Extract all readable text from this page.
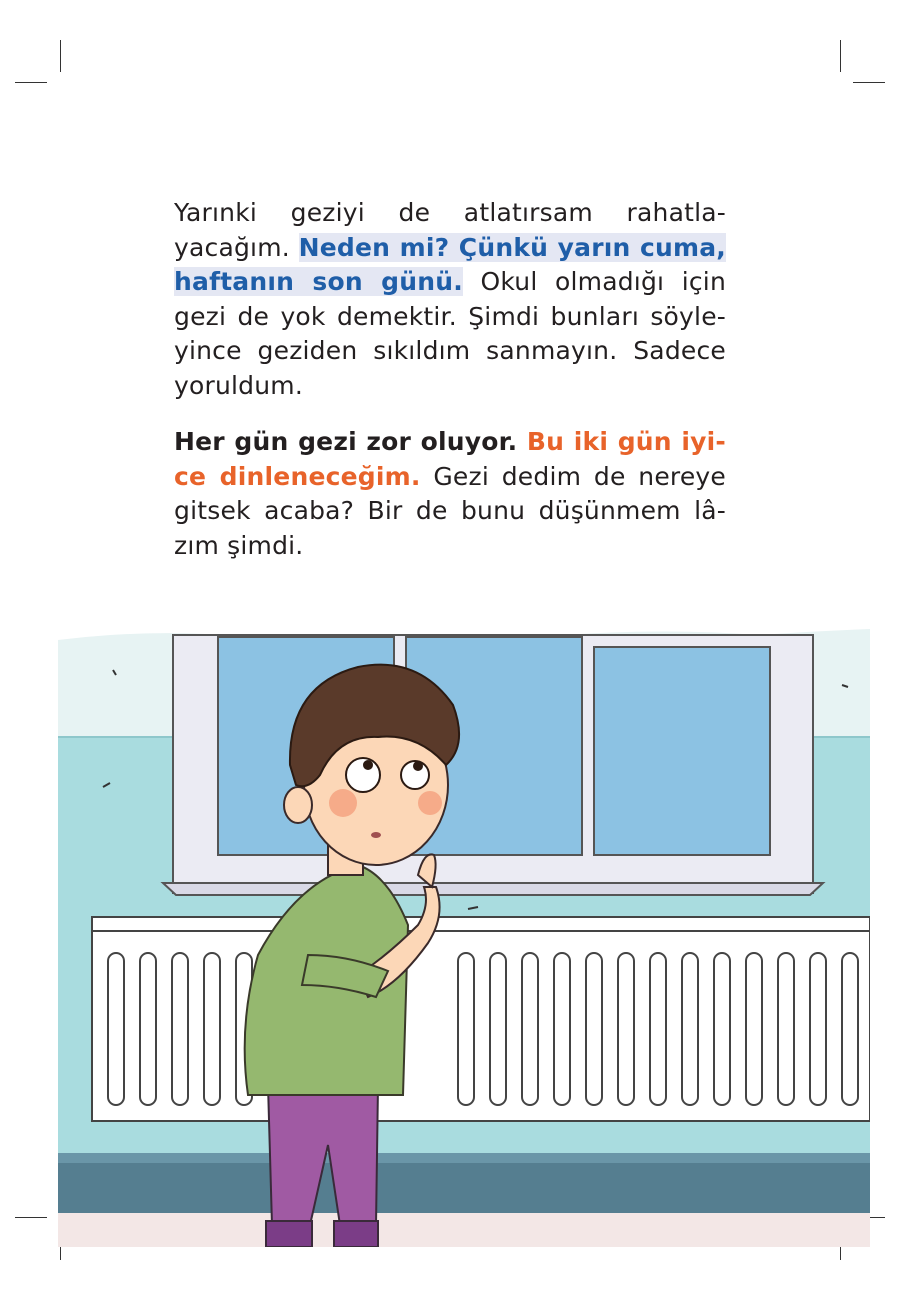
Yarınki geziyi de atlatırsam rahatla-yacağım. Neden mi? Çünkü yarın cuma, haftanın son günü. Okul olmadığı için gezi de yok demektir. Şimdi bunları söyle-yince geziden sıkıldım sanmayın. Sadece yoruldum.

Her gün gezi zor oluyor. Bu iki gün iyi-ce dinleneceğim. Gezi dedim de nereye gitsek acaba? Bir de bunu düşünmem lâ-zım şimdi.
